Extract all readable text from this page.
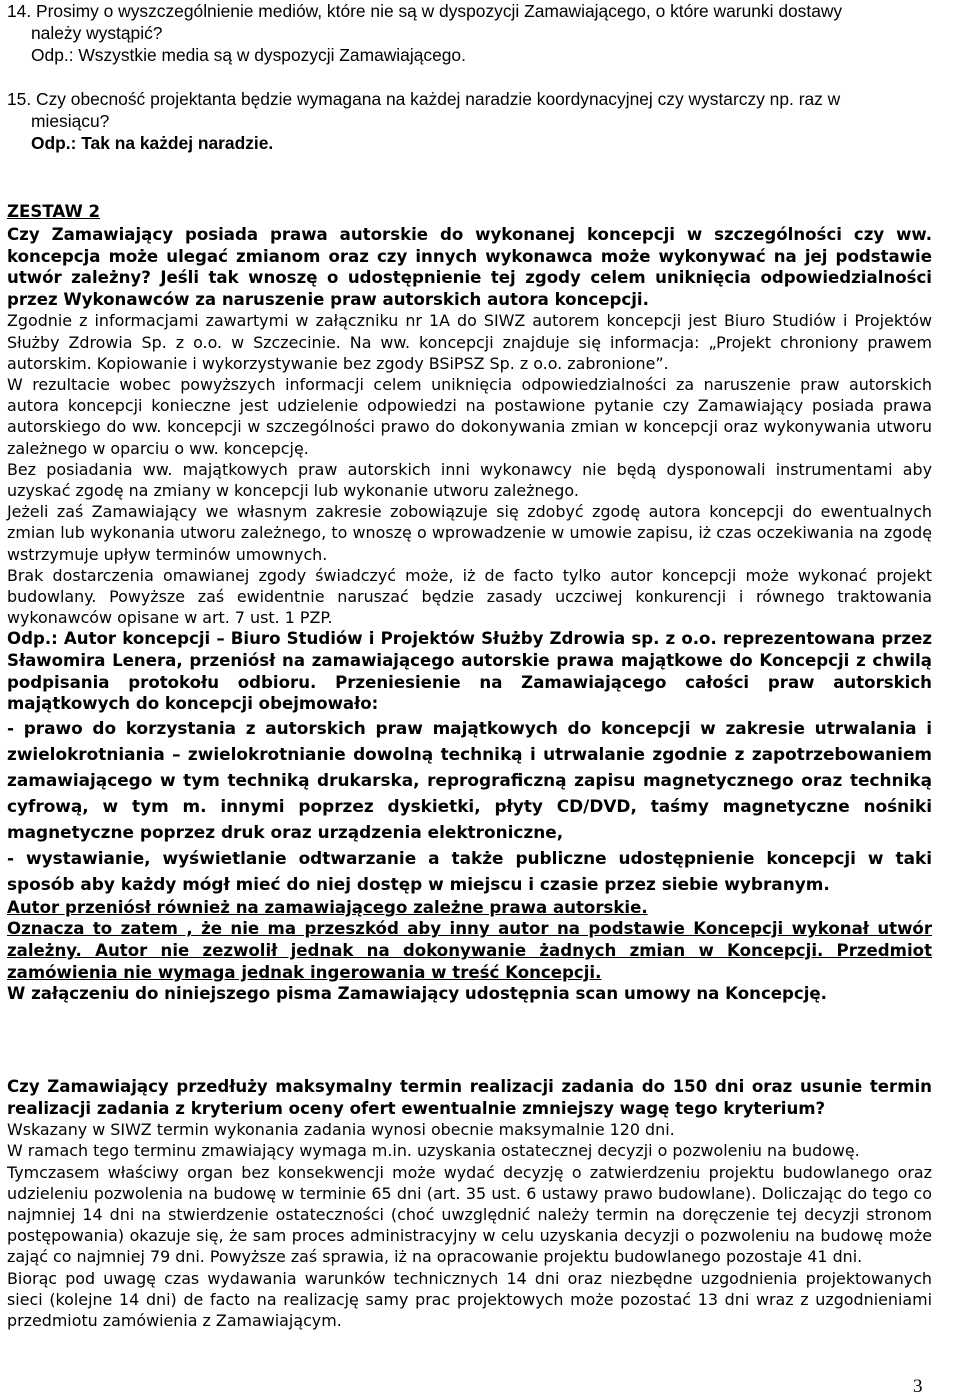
14. Prosimy o wyszczególnienie mediów, które nie są w dyspozycji Zamawiającego, o które warunki dostawy

należy wystąpić?

Odp.: Wszystkie media są w dyspozycji Zamawiającego.

15. Czy obecność projektanta będzie wymagana na każdej naradzie koordynacyjnej czy wystarczy np. raz w

miesiącu?

Odp.: Tak na każdej naradzie.

ZESTAW 2

Czy Zamawiający posiada prawa autorskie do wykonanej koncepcji w szczególności czy ww. koncepcja może ulegać zmianom oraz czy innych wykonawca może wykonywać na jej podstawie utwór zależny? Jeśli tak wnoszę o udostępnienie tej zgody celem uniknięcia odpowiedzialności przez Wykonawców za naruszenie praw autorskich autora koncepcji.

Zgodnie z informacjami zawartymi w załączniku nr 1A do SIWZ autorem koncepcji jest Biuro Studiów i Projektów Służby Zdrowia Sp. z o.o. w Szczecinie. Na ww. koncepcji znajduje się informacja: „Projekt chroniony prawem autorskim. Kopiowanie i wykorzystywanie bez zgody BSiPSZ Sp. z o.o. zabronione”.

W rezultacie wobec powyższych informacji celem uniknięcia odpowiedzialności za naruszenie praw autorskich autora koncepcji konieczne jest udzielenie odpowiedzi na postawione pytanie czy Zamawiający posiada prawa autorskiego do ww. koncepcji w szczególności prawo do dokonywania zmian w koncepcji oraz wykonywania utworu zależnego w oparciu o ww. koncepcję.

Bez posiadania ww. majątkowych praw autorskich inni wykonawcy nie będą dysponowali instrumentami aby uzyskać zgodę na zmiany w koncepcji lub wykonanie utworu zależnego.

Jeżeli zaś Zamawiający we własnym zakresie zobowiązuje się zdobyć zgodę autora koncepcji do ewentualnych zmian lub wykonania utworu zależnego, to wnoszę o wprowadzenie w umowie zapisu, iż czas oczekiwania na zgodę wstrzymuje upływ terminów umownych.

Brak dostarczenia omawianej zgody świadczyć może, iż de facto tylko autor koncepcji może wykonać projekt budowlany. Powyższe zaś ewidentnie naruszać będzie zasady uczciwej konkurencji i równego traktowania wykonawców opisane w art. 7 ust. 1 PZP.

Odp.: Autor koncepcji – Biuro Studiów i Projektów Służby Zdrowia sp. z o.o. reprezentowana przez Sławomira Lenera, przeniósł na zamawiającego autorskie prawa majątkowe do Koncepcji z chwilą podpisania protokołu odbioru. Przeniesienie na Zamawiającego całości praw autorskich majątkowych do koncepcji obejmowało:

- prawo do korzystania z autorskich praw majątkowych do koncepcji w zakresie utrwalania i zwielokrotniania – zwielokrotnianie dowolną techniką i utrwalanie zgodnie z zapotrzebowaniem zamawiającego w tym techniką drukarska, reprograficzną zapisu magnetycznego oraz techniką cyfrową, w tym m. innymi poprzez dyskietki, płyty CD/DVD, taśmy magnetyczne nośniki magnetyczne poprzez druk oraz urządzenia elektroniczne,

- wystawianie, wyświetlanie odtwarzanie a także publiczne udostępnienie koncepcji w taki sposób aby każdy mógł mieć do niej dostęp w miejscu i czasie przez siebie wybranym.

Autor przeniósł również na zamawiającego zależne prawa autorskie.

Oznacza to zatem , że nie ma przeszkód aby inny autor na podstawie Koncepcji wykonał utwór zależny. Autor nie zezwolił jednak na dokonywanie żadnych zmian w Koncepcji. Przedmiot zamówienia nie wymaga jednak ingerowania w treść Koncepcji.

W załączeniu do niniejszego pisma Zamawiający udostępnia scan umowy na Koncepcję.

Czy Zamawiający przedłuży maksymalny termin realizacji zadania do 150 dni oraz usunie termin realizacji zadania z kryterium oceny ofert ewentualnie zmniejszy wagę tego kryterium?

Wskazany w SIWZ termin wykonania zadania wynosi obecnie maksymalnie 120 dni.

W ramach tego terminu zmawiający wymaga m.in. uzyskania ostatecznej decyzji o pozwoleniu na budowę.

Tymczasem właściwy organ bez konsekwencji może wydać decyzję o zatwierdzeniu projektu budowlanego oraz udzieleniu pozwolenia na budowę w terminie 65 dni (art. 35 ust. 6 ustawy prawo budowlane). Doliczając do tego co najmniej 14 dni na stwierdzenie ostateczności (choć uwzględnić należy termin na doręczenie tej decyzji stronom postępowania) okazuje się, że sam proces administracyjny w celu uzyskania decyzji o pozwoleniu na budowę może zająć co najmniej 79 dni. Powyższe zaś sprawia, iż na opracowanie projektu budowlanego pozostaje 41 dni.

Biorąc pod uwagę czas wydawania warunków technicznych 14 dni oraz niezbędne uzgodnienia projektowanych sieci (kolejne 14 dni) de facto na realizację samy prac projektowych może pozostać 13 dni wraz z uzgodnieniami przedmiotu zamówienia z Zamawiającym.

3
